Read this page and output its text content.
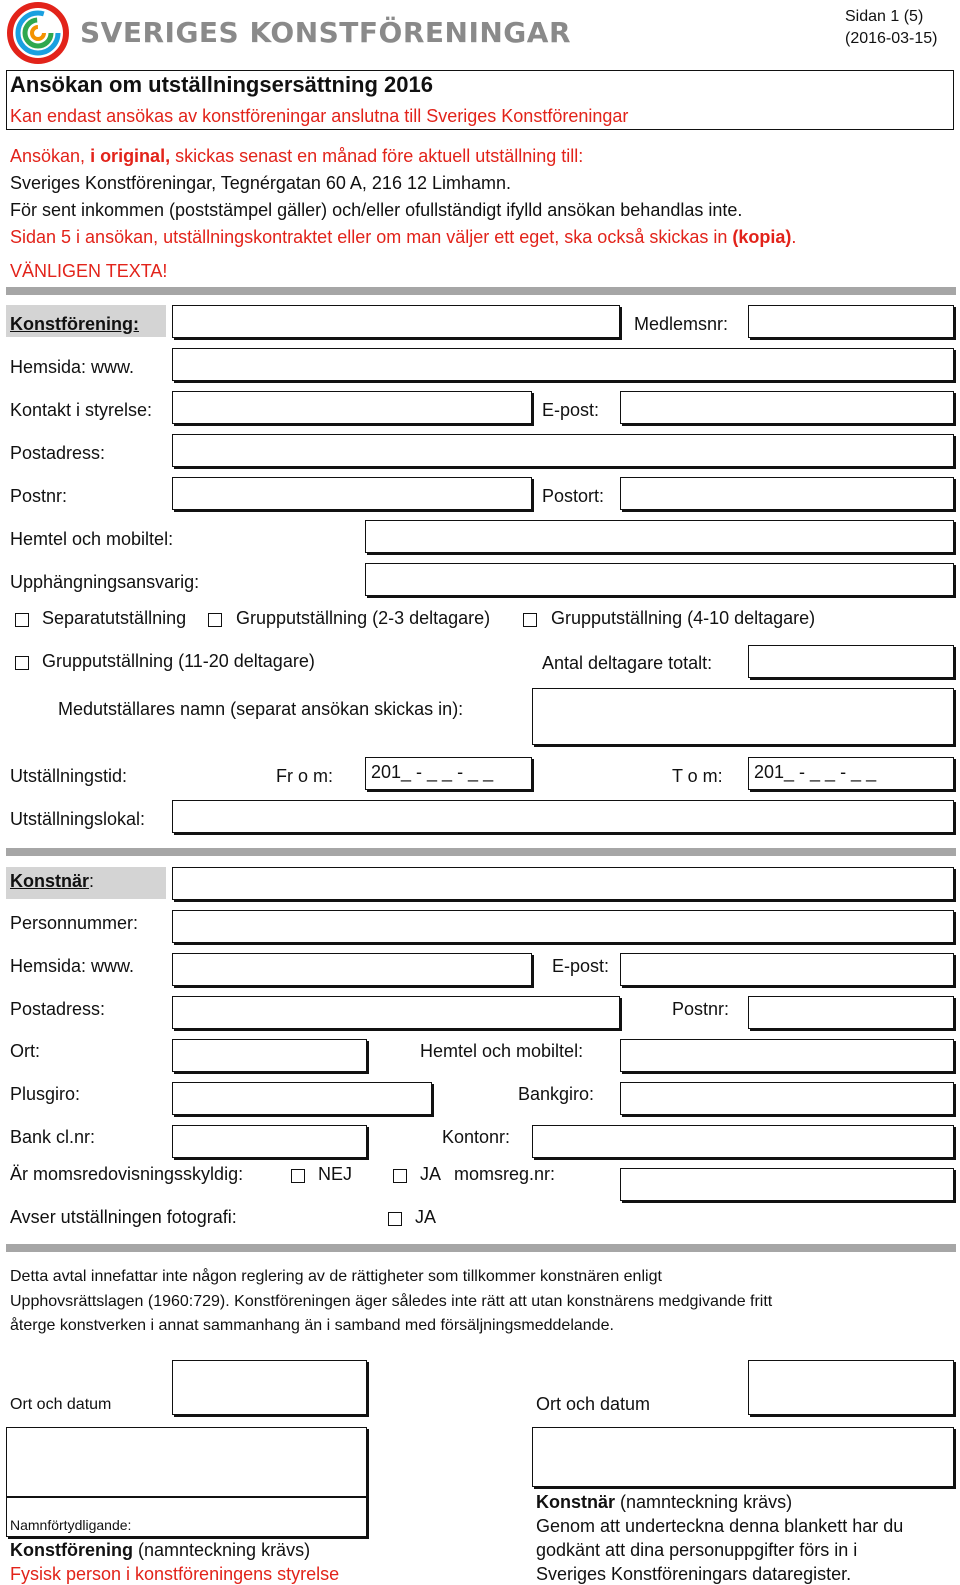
SVERIGES KONSTFÖRENINGAR	Sidan 1 (5)
(2016-03-15)
Ansökan om utställningsersättning 2016
Kan endast ansökas av konstföreningar anslutna till Sveriges Konstföreningar
Ansökan, i original, skickas senast en månad före aktuell utställning till:
Sveriges Konstföreningar, Tegnérgatan 60 A, 216 12 Limhamn.
För sent inkommen (poststämpel gäller) och/eller ofullständigt ifylld ansökan behandlas inte.
Sidan 5 i ansökan, utställningskontraktet eller om man väljer ett eget, ska också skickas in (kopia).
VÄNLIGEN TEXTA!
Konstförening:	Medlemsnr:
Hemsida: www.
Kontakt i styrelse:	E-post:
Postadress:
Postnr:	Postort:
Hemtel och mobiltel:
Upphängningsansvarig:
Separatutställning	Grupputställning (2-3 deltagare)	Grupputställning (4-10 deltagare)
Grupputställning (11-20 deltagare)	Antal deltagare totalt:
Medutställares namn (separat ansökan skickas in):
Utställningstid:	Fr o m: 201_ - _ _ - _ _	T o m: 201_ - _ _ - _ _
Utställningslokal:
Konstnär:
Personnummer:
Hemsida: www.	E-post:
Postadress:	Postnr:
Ort:	Hemtel och mobiltel:
Plusgiro:	Bankgiro:
Bank cl.nr:	Kontonr:
Är momsredovisningsskyldig:	NEJ	JA momsreg.nr:
Avser utställningen fotografi:	JA
Detta avtal innefattar inte någon reglering av de rättigheter som tillkommer konstnären enligt
Upphovsrättslagen (1960:729). Konstföreningen äger således inte rätt att utan konstnärens medgivande fritt
återge konstverken i annat sammanhang än i samband med försäljningsmeddelande.
Ort och datum	Ort och datum
Namnförtydligande:
Konstförening (namnteckning krävs)
Fysisk person i konstföreningens styrelse
Konstnär (namnteckning krävs)
Genom att underteckna denna blankett har du
godkänt att dina personuppgifter förs in i
Sveriges Konstföreningars dataregister.
